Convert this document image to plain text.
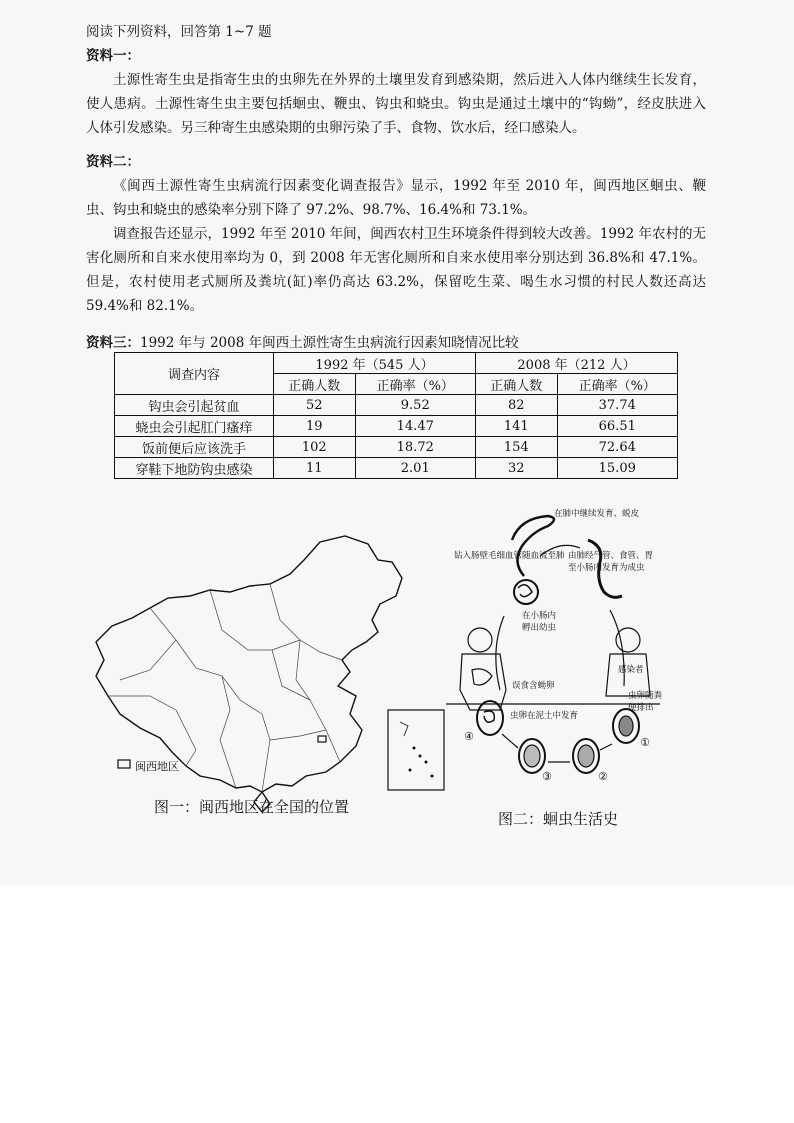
阅读下列资料，回答第 1~7 题

资料一：

土源性寄生虫是指寄生虫的虫卵先在外界的土壤里发育到感染期，然后进入人体内继续生长发育，使人患病。土源性寄生虫主要包括蛔虫、鞭虫、钩虫和蛲虫。钩虫是通过土壤中的“钩蚴”，经皮肤进入人体引发感染。另三种寄生虫感染期的虫卵污染了手、食物、饮水后，经口感染人。

资料二：

《闽西土源性寄生虫病流行因素变化调查报告》显示，1992 年至 2010 年，闽西地区蛔虫、鞭虫、钩虫和蛲虫的感染率分别下降了 97.2%、98.7%、16.4%和 73.1%。

调查报告还显示，1992 年至 2010 年间，闽西农村卫生环境条件得到较大改善。1992 年农村的无害化厕所和自来水使用率均为 0，到 2008 年无害化厕所和自来水使用率分别达到 36.8%和 47.1%。但是，农村使用老式厕所及粪坑(缸)率仍高达 63.2%，保留吃生菜、喝生水习惯的村民人数还高达 59.4%和 82.1%。

资料三：1992 年与 2008 年闽西土源性寄生虫病流行因素知晓情况比较
调查内容	1992 年（545 人）		2008 年（212 人）	
	正确人数	正确率（%）	正确人数	正确率（%）
钩虫会引起贫血	52	9.52	82	37.74
蛲虫会引起肛门瘙痒	19	14.47	141	66.51
饭前便后应该洗手	102	18.72	154	72.64
穿鞋下地防钩虫感染	11	2.01	32	15.09
在肺中继续发育、蜕皮
钻入肠壁毛细血管随血流至肺 由肺经气管、食管、胃
至小肠内发育为成虫
在小肠内
孵出幼虫
感染者
误食含蚴卵
虫卵在泥土中发育
虫卵随粪
便排出
①
②
③
④
闽西地区
图一：闽西地区在全国的位置
图二：蛔虫生活史
